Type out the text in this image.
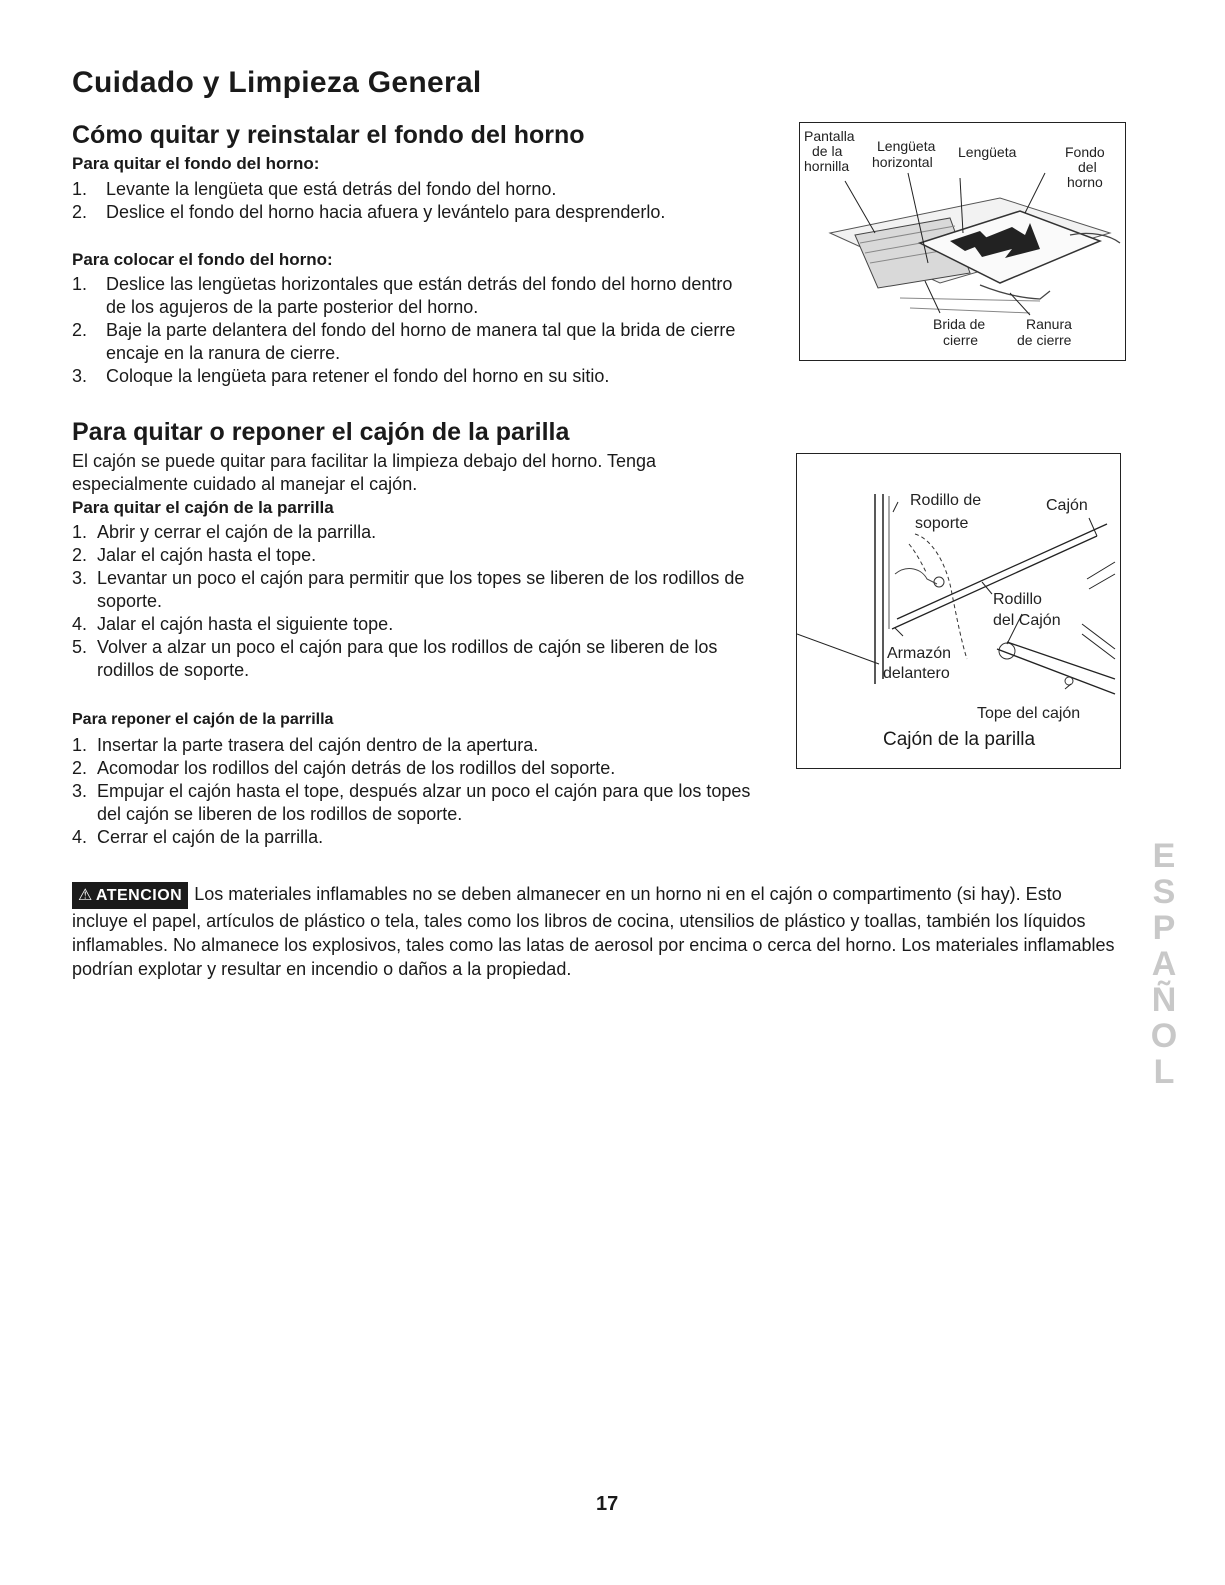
Cuidado y Limpieza General
Cómo quitar y reinstalar el fondo del horno
Para quitar el fondo del horno:
1. Levante la lengüeta que está detrás del fondo del horno.
2. Deslice el fondo del horno hacia afuera y levántelo para desprenderlo.
Para colocar el fondo del horno:
1. Deslice las lengüetas horizontales que están detrás del fondo del horno dentro de los agujeros de la parte posterior del horno.
2. Baje la parte delantera del fondo del horno de manera tal que la brida de cierre encaje en la ranura de cierre.
3. Coloque la lengüeta para retener el fondo del horno en su sitio.
Pantalla
de la
hornilla
Lengüeta
horizontal
Lengüeta	Fondo
del
horno
Brida de
cierre
Ranura
de cierre
Para quitar o reponer el cajón de la parilla
El cajón se puede quitar para facilitar la limpieza debajo del horno. Tenga especialmente cuidado al manejar el cajón.
Para quitar el cajón de la parrilla
1. Abrir y cerrar el cajón de la parrilla.
2. Jalar el cajón hasta el tope.
3. Levantar un poco el cajón para permitir que los topes se liberen de los rodillos de soporte.
4. Jalar el cajón hasta el siguiente tope.
5. Volver a alzar un poco el cajón para que los rodillos de cajón se liberen de los rodillos de soporte.
Para reponer el cajón de la parrilla
1. Insertar la parte trasera del cajón dentro de la apertura.
2. Acomodar los rodillos del cajón detrás de los rodillos del soporte.
3. Empujar el cajón hasta el tope, después alzar un poco el cajón para que los topes del cajón se liberen de los rodillos de soporte.
4. Cerrar el cajón de la parrilla.
Rodillo de
soporte
Cajón
Rodillo
del Cajón
Armazón
delantero
Tope del cajón
Cajón de la parilla
⚠ ATENCION Los materiales inflamables no se deben almanecer en un horno ni en el cajón o compartimento (si hay). Esto incluye el papel, artículos de plástico o tela, tales como los libros de cocina, utensilios de plástico y toallas, también los líquidos inflamables. No almanece los explosivos, tales como las latas de aerosol por encima o cerca del horno. Los materiales inflamables podrían explotar y resultar en incendio o daños a la propiedad.
E
S
P
A
Ñ
O
L
17
